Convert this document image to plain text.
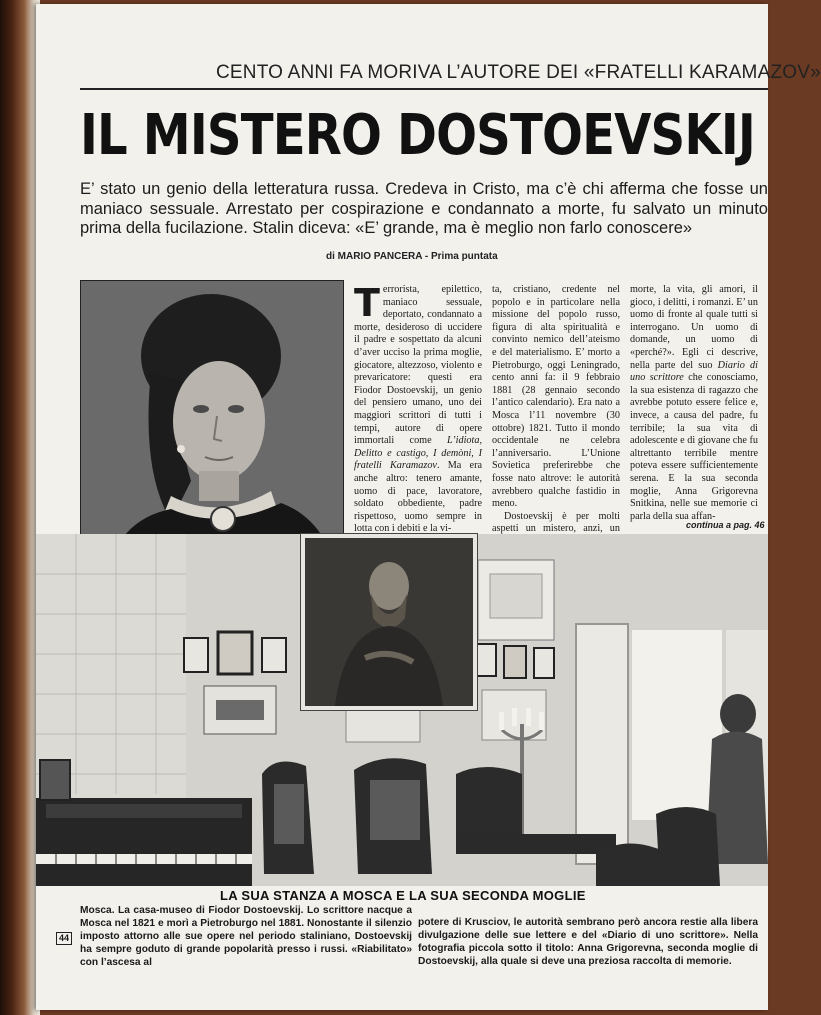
CENTO ANNI FA MORIVA L’AUTORE DEI «FRATELLI KARAMAZOV»
IL MISTERO DOSTOEVSKIJ
E’ stato un genio della letteratura russa. Credeva in Cristo, ma c’è chi afferma che fosse un maniaco sessuale. Arrestato per cospirazione e condannato a morte, fu salvato un minuto prima della fucilazione. Stalin diceva: «E’ grande, ma è meglio non farlo conoscere»
di MARIO PANCERA - Prima puntata
Terrorista, epilettico, maniaco sessuale, deportato, condannato a morte, desideroso di uccidere il padre e sospettato da alcuni d’aver ucciso la prima moglie, giocatore, altezzoso, violento e prevaricatore: questi era Fiodor Dostoevskij, un genio del pensiero umano, uno dei maggiori scrittori di tutti i tempi, autore di opere immortali come L’idiota, Delitto e castigo, I demòni, I fratelli Karamazov. Ma era anche altro: tenero amante, uomo di pace, lavoratore, soldato obbediente, padre rispettoso, uomo sempre in lotta con i debiti e la vi-
ta, cristiano, credente nel popolo e in particolare nella missione del popolo russo, figura di alta spiritualità e convinto nemico dell’ateismo e del materialismo. E’ morto a Pietroburgo, oggi Leningrado, cento anni fa: il 9 febbraio 1881 (28 gennaio secondo l’antico calendario). Era nato a Mosca l’11 novembre (30 ottobre) 1821. Tutto il mondo occidentale ne celebra l’anniversario. L’Unione Sovietica preferirebbe che fosse nato altrove: le autorità avrebbero qualche fastidio in meno.
Dostoevskij è per molti aspetti un mistero, anzi, un
morte, la vita, gli amori, il gioco, i delitti, i romanzi. E’ un uomo di fronte al quale tutti si interrogano. Un uomo di domande, un uomo di «perché?». Egli ci descrive, nella parte del suo Diario di uno scrittore che conosciamo, la sua esistenza di ragazzo che avrebbe potuto essere felice e, invece, a causa del padre, fu terribile; la sua vita di adolescente e di giovane che fu altrettanto terribile mentre poteva essere sufficientemente serena. E la sua seconda moglie, Anna Grigorevna Snitkina, nelle sue memorie ci parla della sua affan-
continua a pag. 46
LA SUA STANZA A MOSCA E LA SUA SECONDA MOGLIE
Mosca. La casa-museo di Fiodor Dostoevskij. Lo scrittore nacque a Mosca nel 1821 e morì a Pietroburgo nel 1881. Nonostante il silenzio imposto attorno alle sue opere nel periodo staliniano, Dostoevskij ha sempre goduto di grande popolarità presso i russi. «Riabilitato» con l’ascesa al
potere di Krusciov, le autorità sembrano però ancora restie alla libera divulgazione delle sue lettere e del «Diario di uno scrittore». Nella fotografia piccola sotto il titolo: Anna Grigorevna, seconda moglie di Dostoevskij, alla quale si deve una preziosa raccolta di memorie.
44
